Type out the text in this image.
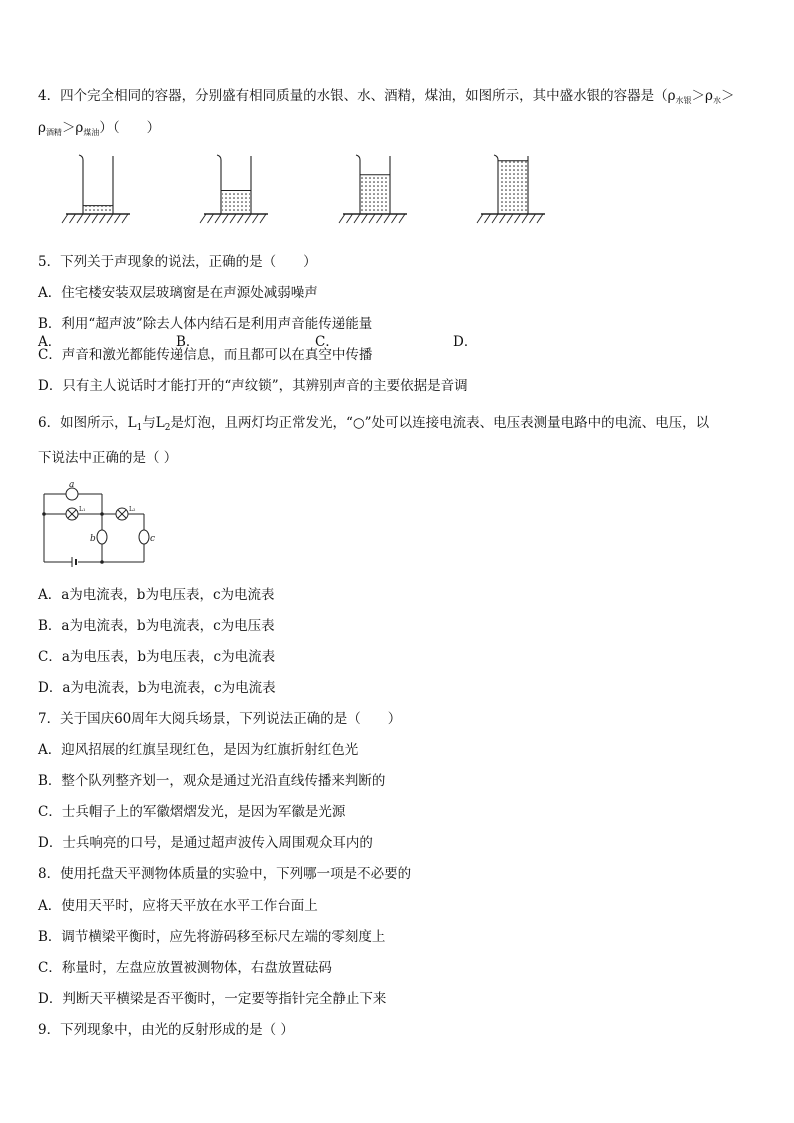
4．四个完全相同的容器，分别盛有相同质量的水银、水、酒精，煤油，如图所示，其中盛水银的容器是（$\rho_{水银}>\rho_水>$
$\rho_{酒精}>\rho_{煤油}$）（　　）
A．	B．	C．	D．
5．下列关于声现象的说法，正确的是（　　）
A．住宅楼安装双层玻璃窗是在声源处减弱噪声
B．利用“超声波”除去人体内结石是利用声音能传递能量
C．声音和激光都能传递信息，而且都可以在真空中传播
D．只有主人说话时才能打开的“声纹锁”，其辨别声音的主要依据是音调
6．如图所示，$L_1$与$L_2$是灯泡，且两灯均正常发光，“○”处可以连接电流表、电压表测量电路中的电流、电压，以
下说法中正确的是（ ）
a
b	c
L₁	L₂
A．a为电流表，b为电压表，c为电流表
B．a为电流表，b为电流表，c为电压表
C．a为电压表，b为电压表，c为电流表
D．a为电流表，b为电流表，c为电流表
7．关于国庆60周年大阅兵场景，下列说法正确的是（　　）
A．迎风招展的红旗呈现红色，是因为红旗折射红色光
B．整个队列整齐划一，观众是通过光沿直线传播来判断的
C．士兵帽子上的军徽熠熠发光，是因为军徽是光源
D．士兵响亮的口号，是通过超声波传入周围观众耳内的
8．使用托盘天平测物体质量的实验中，下列哪一项是不必要的
A．使用天平时，应将天平放在水平工作台面上
B．调节横梁平衡时，应先将游码移至标尺左端的零刻度上
C．称量时，左盘应放置被测物体，右盘放置砝码
D．判断天平横梁是否平衡时，一定要等指针完全静止下来
9．下列现象中，由光的反射形成的是（ ）
